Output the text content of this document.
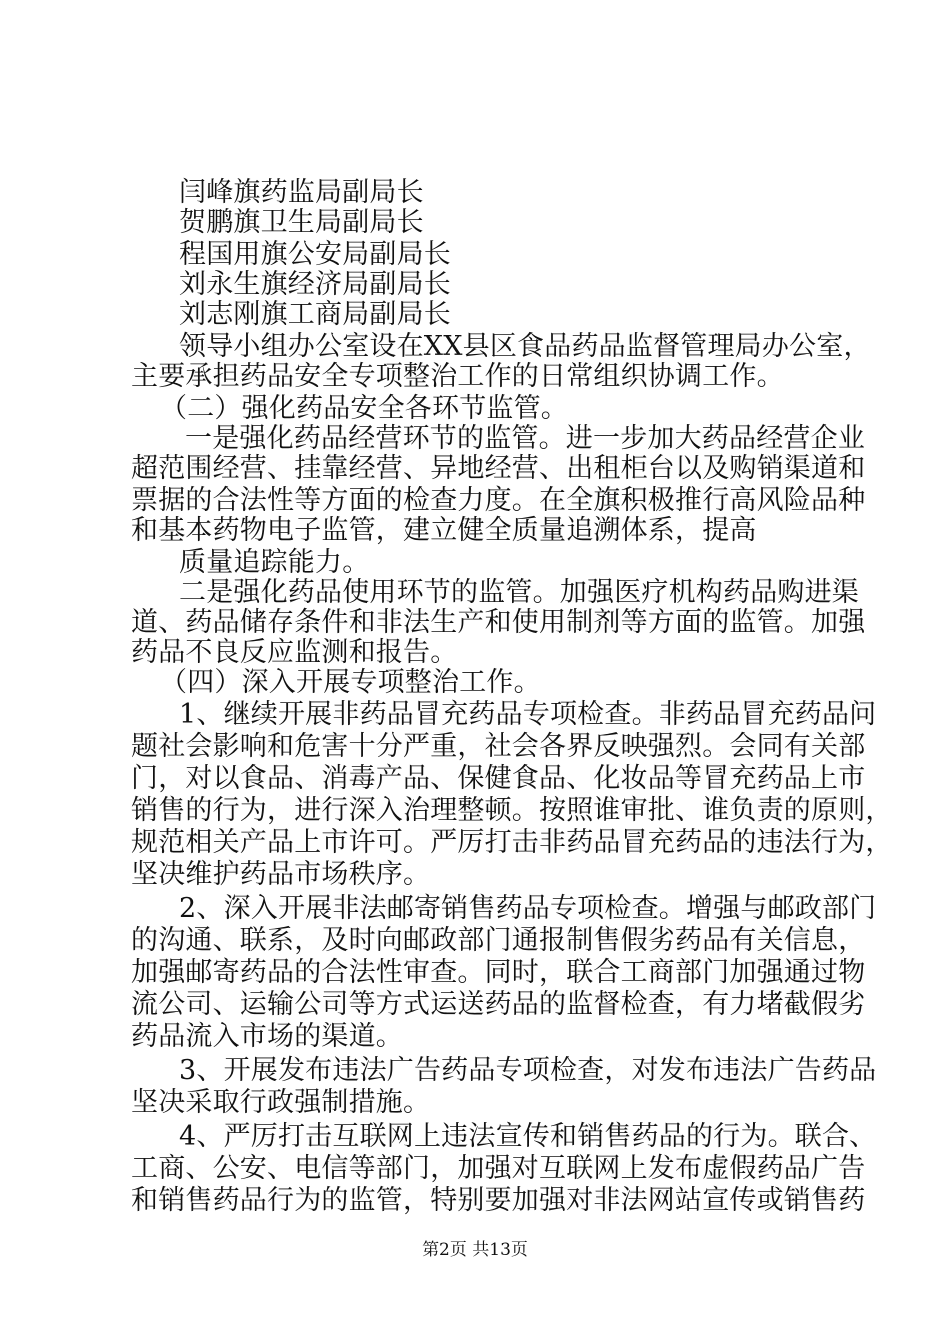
闫峰旗药监局副局长
贺鹏旗卫生局副局长
程国用旗公安局副局长
刘永生旗经济局副局长
刘志刚旗工商局副局长
领导小组办公室设在XX县区食品药品监督管理局办公室，
主要承担药品安全专项整治工作的日常组织协调工作。
（二）强化药品安全各环节监管。
一是强化药品经营环节的监管。进一步加大药品经营企业
超范围经营、挂靠经营、异地经营、出租柜台以及购销渠道和
票据的合法性等方面的检查力度。在全旗积极推行高风险品种
和基本药物电子监管，建立健全质量追溯体系，提高
质量追踪能力。
二是强化药品使用环节的监管。加强医疗机构药品购进渠
道、药品储存条件和非法生产和使用制剂等方面的监管。加强
药品不良反应监测和报告。
（四）深入开展专项整治工作。
1、继续开展非药品冒充药品专项检查。非药品冒充药品问
题社会影响和危害十分严重，社会各界反映强烈。会同有关部
门，对以食品、消毒产品、保健食品、化妆品等冒充药品上市
销售的行为，进行深入治理整顿。按照谁审批、谁负责的原则，
规范相关产品上市许可。严厉打击非药品冒充药品的违法行为，
坚决维护药品市场秩序。
2、深入开展非法邮寄销售药品专项检查。增强与邮政部门
的沟通、联系，及时向邮政部门通报制售假劣药品有关信息，
加强邮寄药品的合法性审查。同时，联合工商部门加强通过物
流公司、运输公司等方式运送药品的监督检查，有力堵截假劣
药品流入市场的渠道。
3、开展发布违法广告药品专项检查，对发布违法广告药品
坚决采取行政强制措施。
4、严厉打击互联网上违法宣传和销售药品的行为。联合、
工商、公安、电信等部门，加强对互联网上发布虚假药品广告
和销售药品行为的监管，特别要加强对非法网站宣传或销售药
第2页 共13页
